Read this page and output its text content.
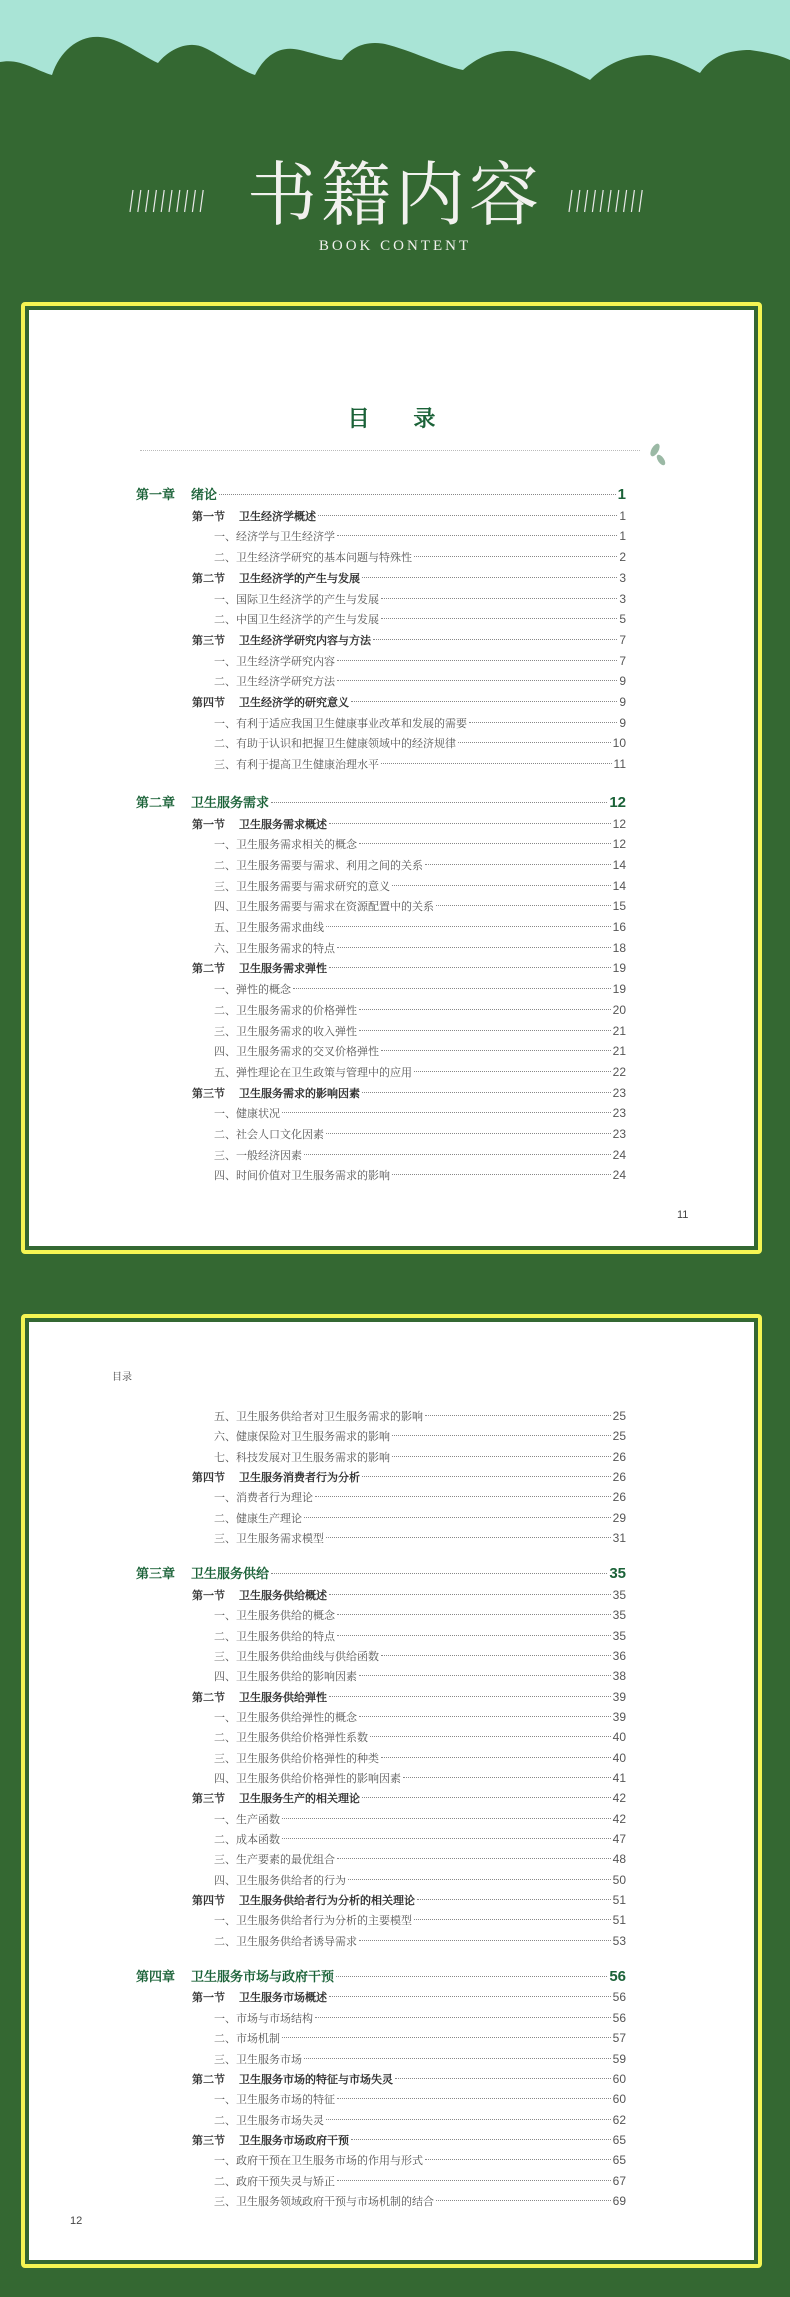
书籍内容
BOOK CONTENT
目 录
第一章	绪论	1
第一节	卫生经济学概述	1
一、经济学与卫生经济学	1
二、卫生经济学研究的基本问题与特殊性	2
第二节	卫生经济学的产生与发展	3
一、国际卫生经济学的产生与发展	3
二、中国卫生经济学的产生与发展	5
第三节	卫生经济学研究内容与方法	7
一、卫生经济学研究内容	7
二、卫生经济学研究方法	9
第四节	卫生经济学的研究意义	9
一、有利于适应我国卫生健康事业改革和发展的需要	9
二、有助于认识和把握卫生健康领域中的经济规律	10
三、有利于提高卫生健康治理水平	11
第二章	卫生服务需求	12
第一节	卫生服务需求概述	12
一、卫生服务需求相关的概念	12
二、卫生服务需要与需求、利用之间的关系	14
三、卫生服务需要与需求研究的意义	14
四、卫生服务需要与需求在资源配置中的关系	15
五、卫生服务需求曲线	16
六、卫生服务需求的特点	18
第二节	卫生服务需求弹性	19
一、弹性的概念	19
二、卫生服务需求的价格弹性	20
三、卫生服务需求的收入弹性	21
四、卫生服务需求的交叉价格弹性	21
五、弹性理论在卫生政策与管理中的应用	22
第三节	卫生服务需求的影响因素	23
一、健康状况	23
二、社会人口文化因素	23
三、一般经济因素	24
四、时间价值对卫生服务需求的影响	24
11
目录
五、卫生服务供给者对卫生服务需求的影响	25
六、健康保险对卫生服务需求的影响	25
七、科技发展对卫生服务需求的影响	26
第四节	卫生服务消费者行为分析	26
一、消费者行为理论	26
二、健康生产理论	29
三、卫生服务需求模型	31
第三章	卫生服务供给	35
第一节	卫生服务供给概述	35
一、卫生服务供给的概念	35
二、卫生服务供给的特点	35
三、卫生服务供给曲线与供给函数	36
四、卫生服务供给的影响因素	38
第二节	卫生服务供给弹性	39
一、卫生服务供给弹性的概念	39
二、卫生服务供给价格弹性系数	40
三、卫生服务供给价格弹性的种类	40
四、卫生服务供给价格弹性的影响因素	41
第三节	卫生服务生产的相关理论	42
一、生产函数	42
二、成本函数	47
三、生产要素的最优组合	48
四、卫生服务供给者的行为	50
第四节	卫生服务供给者行为分析的相关理论	51
一、卫生服务供给者行为分析的主要模型	51
二、卫生服务供给者诱导需求	53
第四章	卫生服务市场与政府干预	56
第一节	卫生服务市场概述	56
一、市场与市场结构	56
二、市场机制	57
三、卫生服务市场	59
第二节	卫生服务市场的特征与市场失灵	60
一、卫生服务市场的特征	60
二、卫生服务市场失灵	62
第三节	卫生服务市场政府干预	65
一、政府干预在卫生服务市场的作用与形式	65
二、政府干预失灵与矫正	67
三、卫生服务领域政府干预与市场机制的结合	69
12
